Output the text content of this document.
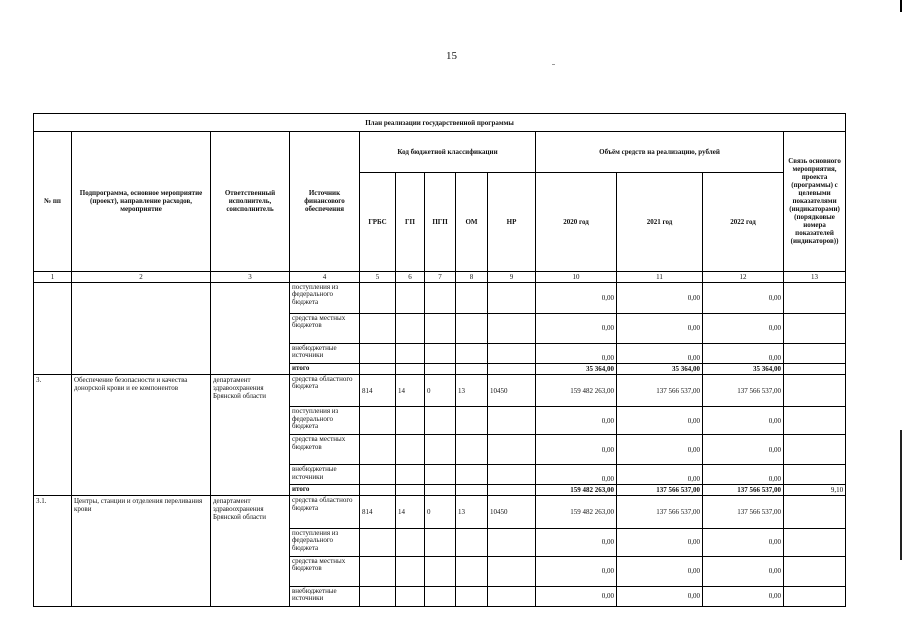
15
План реализации государственной программы												
№ пп	Подпрограмма, основное мероприятие (проект), направление расходов, мероприятие	Ответственный исполнитель, соисполнитель	Источник финансового обеспечения	Код бюджетной классификации					Объём средств на реализацию, рублей			Связь основного мероприятия, проекта (программы) с целевыми показателями (индикаторами) (порядковые номера показателей (индикаторов))
				ГРБС	ГП	ПГП	ОМ	НР	2020 год	2021 год	2022 год	
1	2	3	4	5	6	7	8	9	10	11	12	13
			поступления из федерального бюджета						0,00	0,00	0,00	
			средства местных бюджетов						0,00	0,00	0,00	
			внебюджетные источники						0,00	0,00	0,00	
			итого						35 364,00	35 364,00	35 364,00	
3.	Обеспечение безопасности и качества донорской крови и ее компонентов	департамент здравоохранения Брянской области	средства областного бюджета	814	14	0	13	10450	159 482 263,00	137 566 537,00	137 566 537,00	
			поступления из федерального бюджета						0,00	0,00	0,00	
			средства местных бюджетов						0,00	0,00	0,00	
			внебюджетные источники						0,00	0,00	0,00	
			итого						159 482 263,00	137 566 537,00	137 566 537,00	9,10
3.1.	Центры, станции и отделения переливания крови	департамент здравоохранения Брянской области	средства областного бюджета	814	14	0	13	10450	159 482 263,00	137 566 537,00	137 566 537,00	
			поступления из федерального бюджета						0,00	0,00	0,00	
			средства местных бюджетов						0,00	0,00	0,00	
			внебюджетные источники						0,00	0,00	0,00	
